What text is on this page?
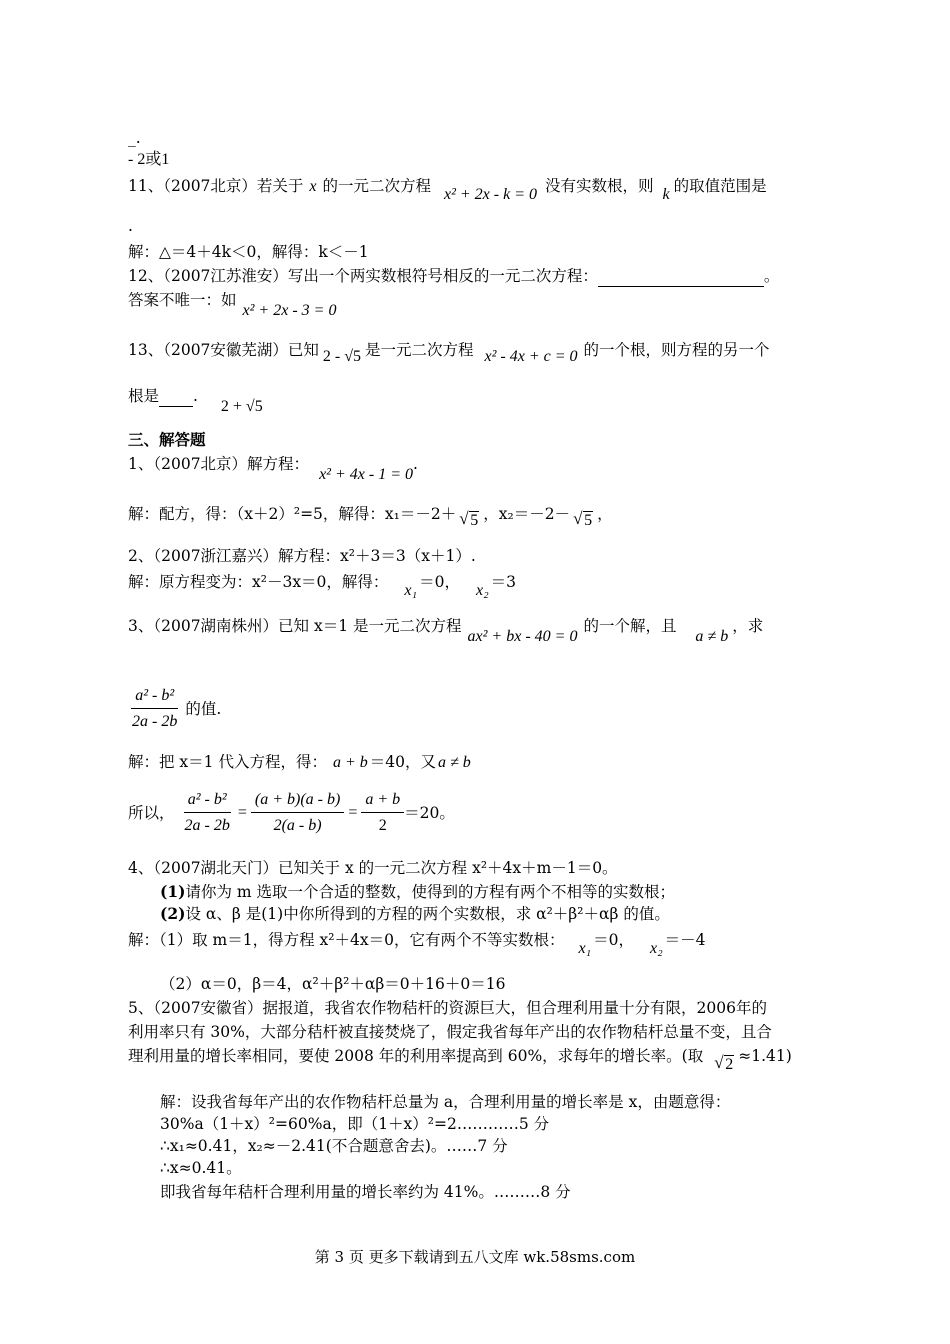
_.
- 2或1
11、（2007北京）若关于 x 的一元二次方程 x² + 2x - k = 0 没有实数根，则 k 的取值范围是
.
解：△＝4＋4k＜0，解得：k＜－1
12、（2007江苏淮安）写出一个两实数根符号相反的一元二次方程：	。
答案不唯一：如x² + 2x - 3 = 0
13、（2007安徽芜湖）已知 2 - √5 是一元二次方程 x² - 4x + c = 0 的一个根，则方程的另一个
根是 . 2 + √5
三、解答题
1、（2007北京）解方程：x² + 4x - 1 = 0.
解：配方，得：（x＋2）²=5，解得：x₁＝－2＋ √ 5 ，x₂＝－2－ √ 5 ，
2、（2007浙江嘉兴）解方程：x²＋3＝3（x＋1）.
解：原方程变为：x²－3x＝0，解得： x₁ ＝0， x₂ ＝3
3、（2007湖南株州）已知 x＝1 是一元二次方程ax² + bx - 40 = 0的一个解，且 a ≠ b，求
$\frac{\text{a² - b²}}{2a - 2b}$ 的值.
解：把 x＝1 代入方程，得： a + b ＝40，又 a ≠ b
所以， $\frac{\text{a² - b²}}{2a - 2b} = \frac{(a + b)(a - b)}{2(a - b)} = \frac{a + b}{2} =20$。
4、（2007湖北天门）已知关于 x 的一元二次方程 x²＋4x＋m－1＝0。
(1)请你为 m 选取一个合适的整数，使得到的方程有两个不相等的实数根；
(2)设 α、β 是(1)中你所得到的方程的两个实数根，求 α²＋β²＋αβ 的值。
解：（1）取 m＝1，得方程 x²＋4x＝0，它有两个不等实数根： x₁ ＝0， x₂ ＝－4
（2）α＝0，β＝4，α²＋β²＋αβ＝0＋16＋0＝16
5、（2007安徽省）据报道，我省农作物秸杆的资源巨大，但合理利用量十分有限，2006年的
利用率只有 30%，大部分秸杆被直接焚烧了，假定我省每年产出的农作物秸杆总量不变，且合
理利用量的增长率相同，要使 2008 年的利用率提高到 60%，求每年的增长率。(取 √ 2 ≈1.41)
解：设我省每年产出的农作物秸杆总量为 a，合理利用量的增长率是 x，由题意得：
30%a（1＋x）²=60%a，即（1＋x）²=2…………5 分
∴x₁≈0.41，x₂≈－2.41(不合题意舍去)。……7 分
∴x≈0.41。
即我省每年秸杆合理利用量的增长率约为 41%。………8 分
第 3 页 更多下载请到五八文库 wk.58sms.com
